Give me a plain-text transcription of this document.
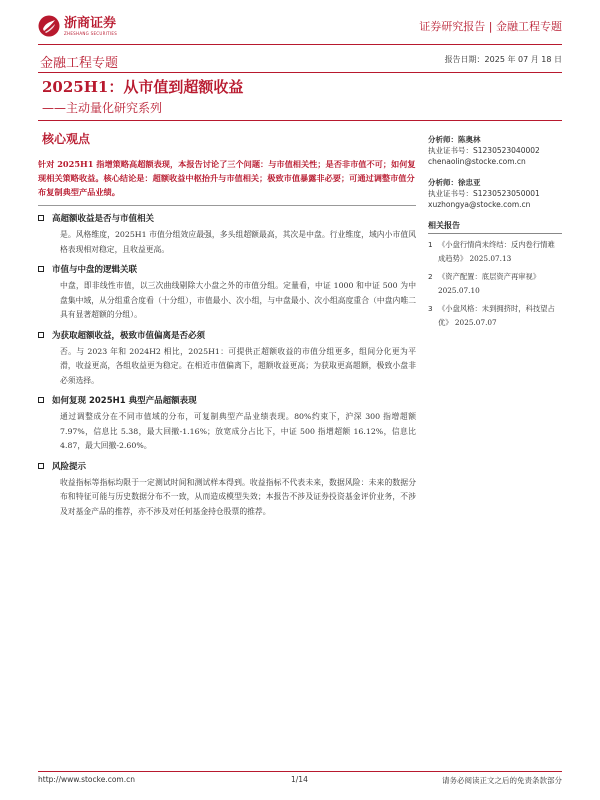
浙商证券
ZHESHANG SECURITIES	证券研究报告 | 金融工程专题
金融工程专题	报告日期：2025 年 07 月 18 日
2025H1：从市值到超额收益
——主动量化研究系列
核心观点
针对 2025H1 指增策略高超额表现，本报告讨论了三个问题：与市值相关性；是否非市值不可；如何复现相关策略收益。核心结论是：超额收益中枢抬升与市值相关；极致市值暴露非必要；可通过调整市值分布复制典型产品业绩。
高超额收益是否与市值相关
是。风格维度，2025H1 市值分组效应最强，多头组超额最高，其次是中盘。行业维度，域内小市值风格表现相对稳定，且收益更高。
市值与中盘的逻辑关联
中盘，即非线性市值，以三次曲线剔除大小盘之外的市值分组。定量看，中证 1000 和中证 500 为中盘集中域，从分组重合度看（十分组），市值最小、次小组，与中盘最小、次小组高度重合（中盘内唯二具有显著超额的分组）。
为获取超额收益，极致市值偏离是否必须
否。与 2023 年和 2024H2 相比，2025H1：可提供正超额收益的市值分组更多，组间分化更为平滑，收益更高，各组收益更为稳定。在相近市值偏离下，超额收益更高；为获取更高超额，极致小盘非必须选择。
如何复现 2025H1 典型产品超额表现
通过调整成分在不同市值域的分布，可复制典型产品业绩表现。80%约束下，沪深 300 指增超额 7.97%，信息比 5.38，最大回撤-1.16%；放宽成分占比下，中证 500 指增超额 16.12%，信息比 4.87，最大回撤-2.60%。
风险提示
收益指标等指标均限于一定测试时间和测试样本得到。收益指标不代表未来，数据风险：未来的数据分布和特征可能与历史数据分布不一致，从而造成模型失效；本报告不涉及证券投资基金评价业务，不涉及对基金产品的推荐，亦不涉及对任何基金持仓股票的推荐。
分析师：陈奥林
执业证书号：S1230523040002
chenaolin@stocke.com.cn
分析师：徐忠亚
执业证书号：S1230523050001
xuzhongya@stocke.com.cn
相关报告
1 《小盘行情尚未终结：反内卷行情难成趋势》 2025.07.13
2 《资产配置：底层资产再审视》 2025.07.10
3 《小盘风格：未到拥挤时，科技望占优》 2025.07.07
http://www.stocke.com.cn	1/14	请务必阅读正文之后的免责条款部分
